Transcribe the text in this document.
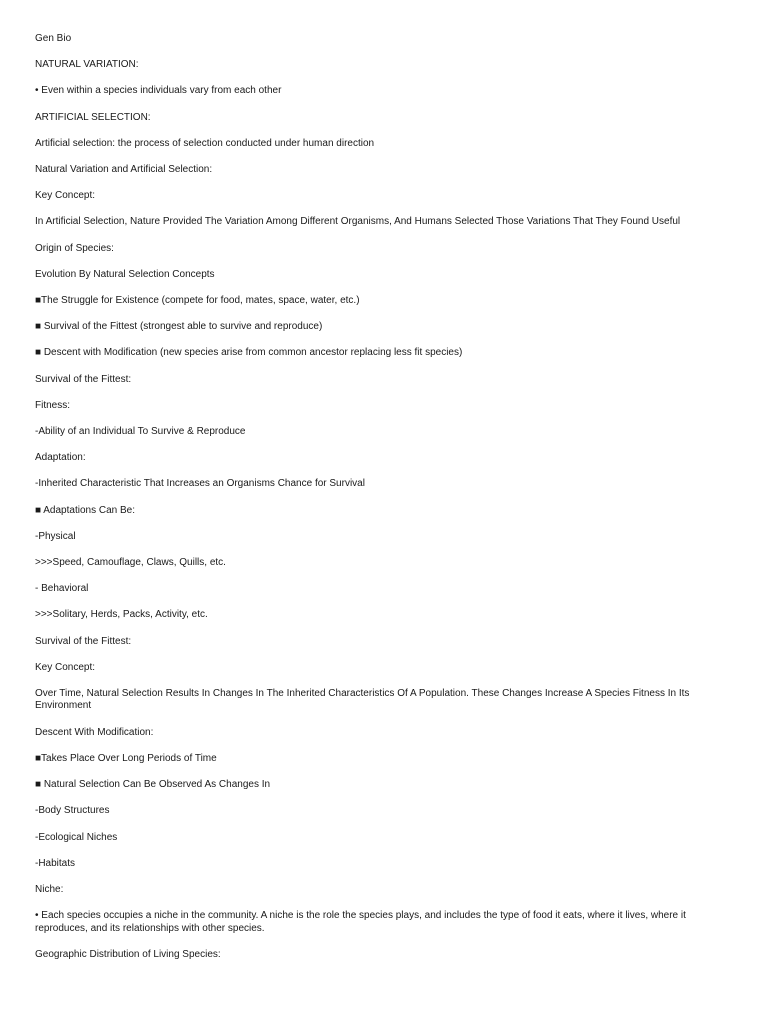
Gen Bio

NATURAL VARIATION:

• Even within a species individuals vary from each other

ARTIFICIAL SELECTION:

Artificial selection: the process of selection conducted under human direction

Natural Variation and Artificial Selection:

Key Concept:

In Artificial Selection, Nature Provided The Variation Among Different Organisms, And Humans Selected Those Variations That They Found Useful

Origin of Species:

Evolution By Natural Selection Concepts

■The Struggle for Existence (compete for food, mates, space, water, etc.)

■ Survival of the Fittest (strongest able to survive and reproduce)

■ Descent with Modification (new species arise from common ancestor replacing less fit species)

Survival of the Fittest:

Fitness:

-Ability of an Individual To Survive & Reproduce

Adaptation:

-Inherited Characteristic That Increases an Organisms Chance for Survival

■ Adaptations Can Be:

-Physical

>>>Speed, Camouflage, Claws, Quills, etc.

- Behavioral

>>>Solitary, Herds, Packs, Activity, etc.

Survival of the Fittest:

Key Concept:

Over Time, Natural Selection Results In Changes In The Inherited Characteristics Of A Population. These Changes Increase A Species Fitness In Its Environment

Descent With Modification:

■Takes Place Over Long Periods of Time

■ Natural Selection Can Be Observed As Changes In

-Body Structures

-Ecological Niches

-Habitats

Niche:

• Each species occupies a niche in the community. A niche is the role the species plays, and includes the type of food it eats, where it lives, where it reproduces, and its relationships with other species.

Geographic Distribution of Living Species:
